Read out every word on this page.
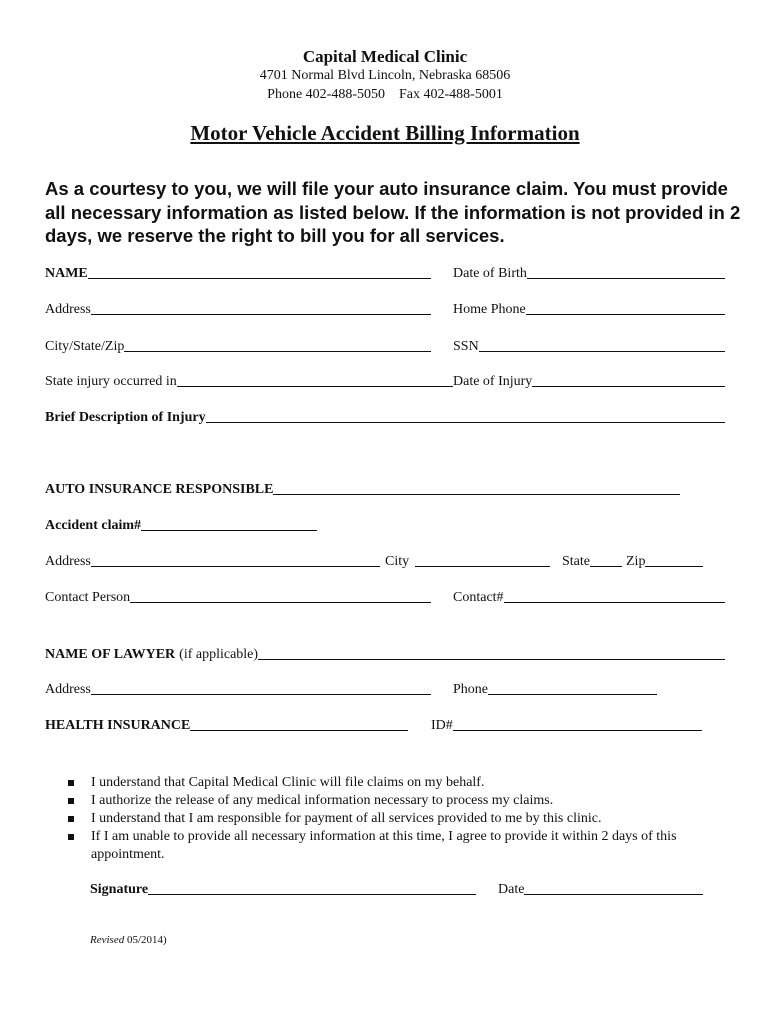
Capital Medical Clinic
4701 Normal Blvd Lincoln, Nebraska 68506
Phone 402-488-5050 Fax 402-488-5001
Motor Vehicle Accident Billing Information
As a courtesy to you, we will file your auto insurance claim. You must provide all necessary information as listed below. If the information is not provided in 2 days, we reserve the right to bill you for all services.
NAME	Date of Birth
Address	Home Phone
City/State/Zip	SSN
State injury occurred in	Date of Injury
Brief Description of Injury
AUTO INSURANCE RESPONSIBLE
Accident claim#
Address	City	State	Zip
Contact Person	Contact#
NAME OF LAWYER (if applicable)
Address	Phone
HEALTH INSURANCE	ID#
I understand that Capital Medical Clinic will file claims on my behalf.
I authorize the release of any medical information necessary to process my claims.
I understand that I am responsible for payment of all services provided to me by this clinic.
If I am unable to provide all necessary information at this time, I agree to provide it within 2 days of this appointment.
Signature	Date
Revised 05/2014)
